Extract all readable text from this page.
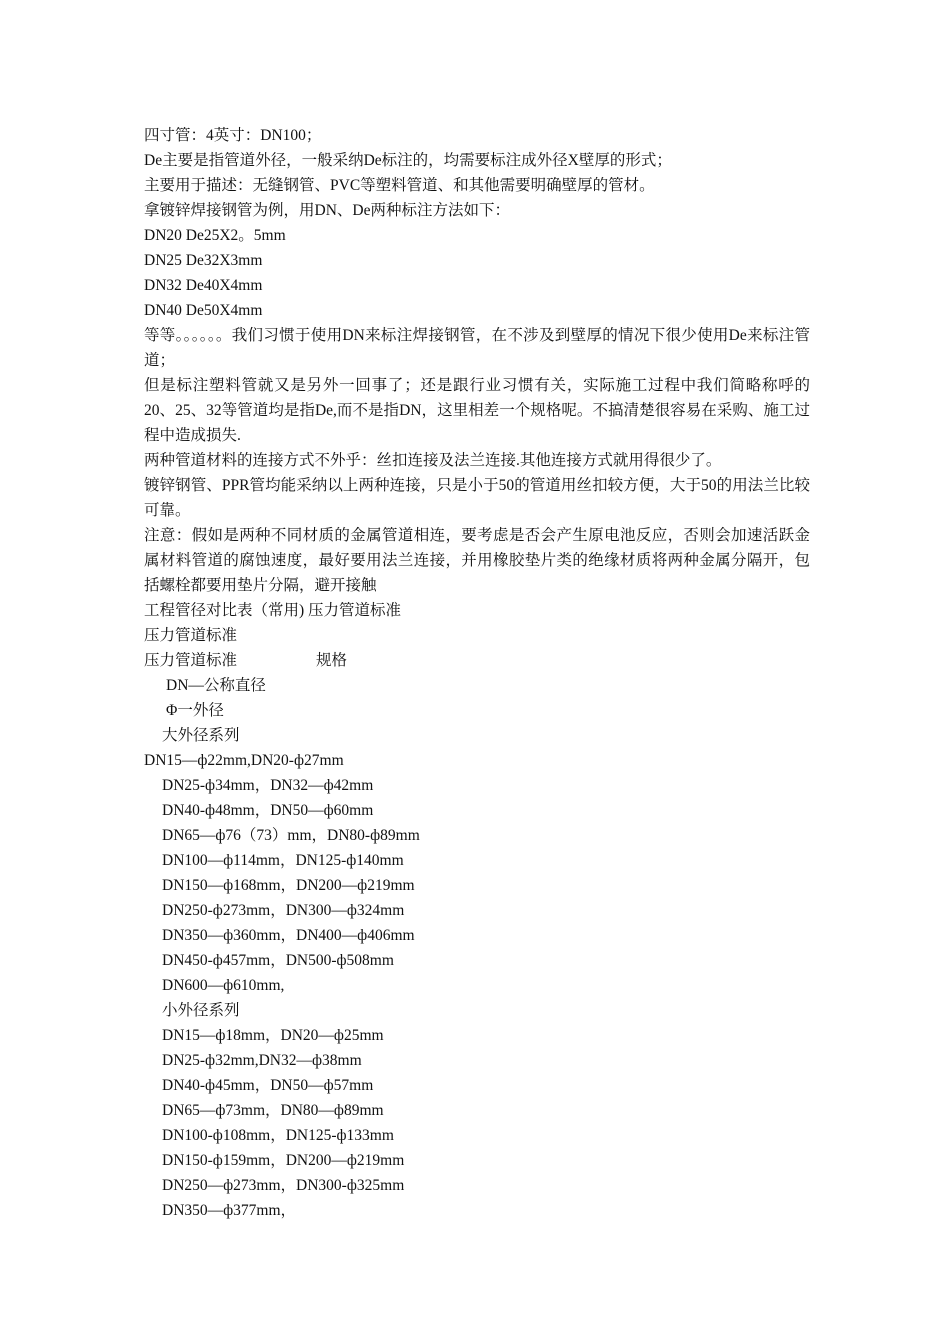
四寸管：4英寸：DN100；
De主要是指管道外径，一般采纳De标注的，均需要标注成外径X壁厚的形式；
主要用于描述：无缝钢管、PVC等塑料管道、和其他需要明确壁厚的管材。
拿镀锌焊接钢管为例，用DN、De两种标注方法如下：
DN20 De25X2。5mm
DN25 De32X3mm
DN32 De40X4mm
DN40 De50X4mm

等等。。。。。。我们习惯于使用DN来标注焊接钢管，在不涉及到壁厚的情况下很少使用De来标注管道；

但是标注塑料管就又是另外一回事了；还是跟行业习惯有关，实际施工过程中我们简略称呼的20、25、32等管道均是指De,而不是指DN，这里相差一个规格呢。不搞清楚很容易在采购、施工过程中造成损失.

两种管道材料的连接方式不外乎：丝扣连接及法兰连接.其他连接方式就用得很少了。

镀锌钢管、PPR管均能采纳以上两种连接，只是小于50的管道用丝扣较方便，大于50的用法兰比较可靠。

注意：假如是两种不同材质的金属管道相连，要考虑是否会产生原电池反应，否则会加速活跃金属材料管道的腐蚀速度，最好要用法兰连接，并用橡胶垫片类的绝缘材质将两种金属分隔开，包括螺栓都要用垫片分隔，避开接触

工程管径对比表（常用) 压力管道标准
压力管道标准
压力管道标准	规格
DN—公称直径
Φ一外径
大外径系列
DN15—ф22mm,DN20-ф27mm
DN25-ф34mm，DN32—ф42mm
DN40-ф48mm，DN50—ф60mm
DN65—ф76（73）mm，DN80-ф89mm
DN100—ф114mm，DN125-ф140mm
DN150—ф168mm，DN200—ф219mm
DN250-ф273mm，DN300—ф324mm
DN350—ф360mm，DN400—ф406mm
DN450-ф457mm，DN500-ф508mm
DN600—ф610mm,
小外径系列
DN15—ф18mm，DN20—ф25mm
DN25-ф32mm,DN32—ф38mm
DN40-ф45mm，DN50—ф57mm
DN65—ф73mm，DN80—ф89mm
DN100-ф108mm，DN125-ф133mm
DN150-ф159mm，DN200—ф219mm
DN250—ф273mm，DN300-ф325mm
DN350—ф377mm，
